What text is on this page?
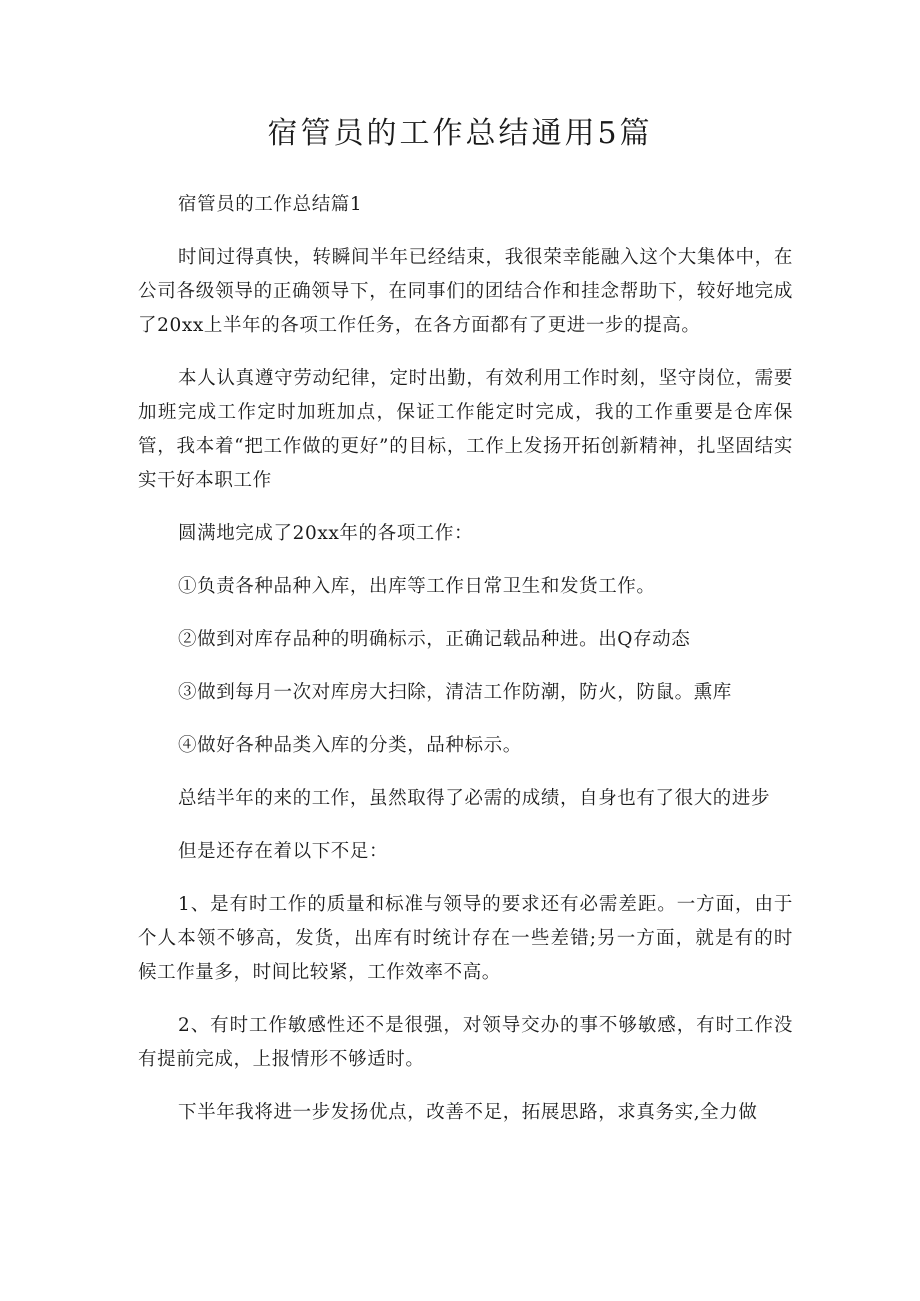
宿管员的工作总结通用5篇

宿管员的工作总结篇1

时间过得真快，转瞬间半年已经结束，我很荣幸能融入这个大集体中，在公司各级领导的正确领导下，在同事们的团结合作和挂念帮助下，较好地完成了20xx上半年的各项工作任务，在各方面都有了更进一步的提高。

本人认真遵守劳动纪律，定时出勤，有效利用工作时刻，坚守岗位，需要加班完成工作定时加班加点，保证工作能定时完成，我的工作重要是仓库保管，我本着“把工作做的更好”的目标，工作上发扬开拓创新精神，扎坚固结实实干好本职工作

圆满地完成了20xx年的各项工作：

①负责各种品种入库，出库等工作日常卫生和发货工作。

②做到对库存品种的明确标示，正确记载品种进。出Q存动态

③做到每月一次对库房大扫除，清洁工作防潮，防火，防鼠。熏库

④做好各种品类入库的分类，品种标示。

总结半年的来的工作，虽然取得了必需的成绩，自身也有了很大的进步

但是还存在着以下不足：

1、是有时工作的质量和标准与领导的要求还有必需差距。一方面，由于个人本领不够高，发货，出库有时统计存在一些差错;另一方面，就是有的时候工作量多，时间比较紧，工作效率不高。

2、有时工作敏感性还不是很强，对领导交办的事不够敏感，有时工作没有提前完成，上报情形不够适时。

下半年我将进一步发扬优点，改善不足，拓展思路，求真务实,全力做
